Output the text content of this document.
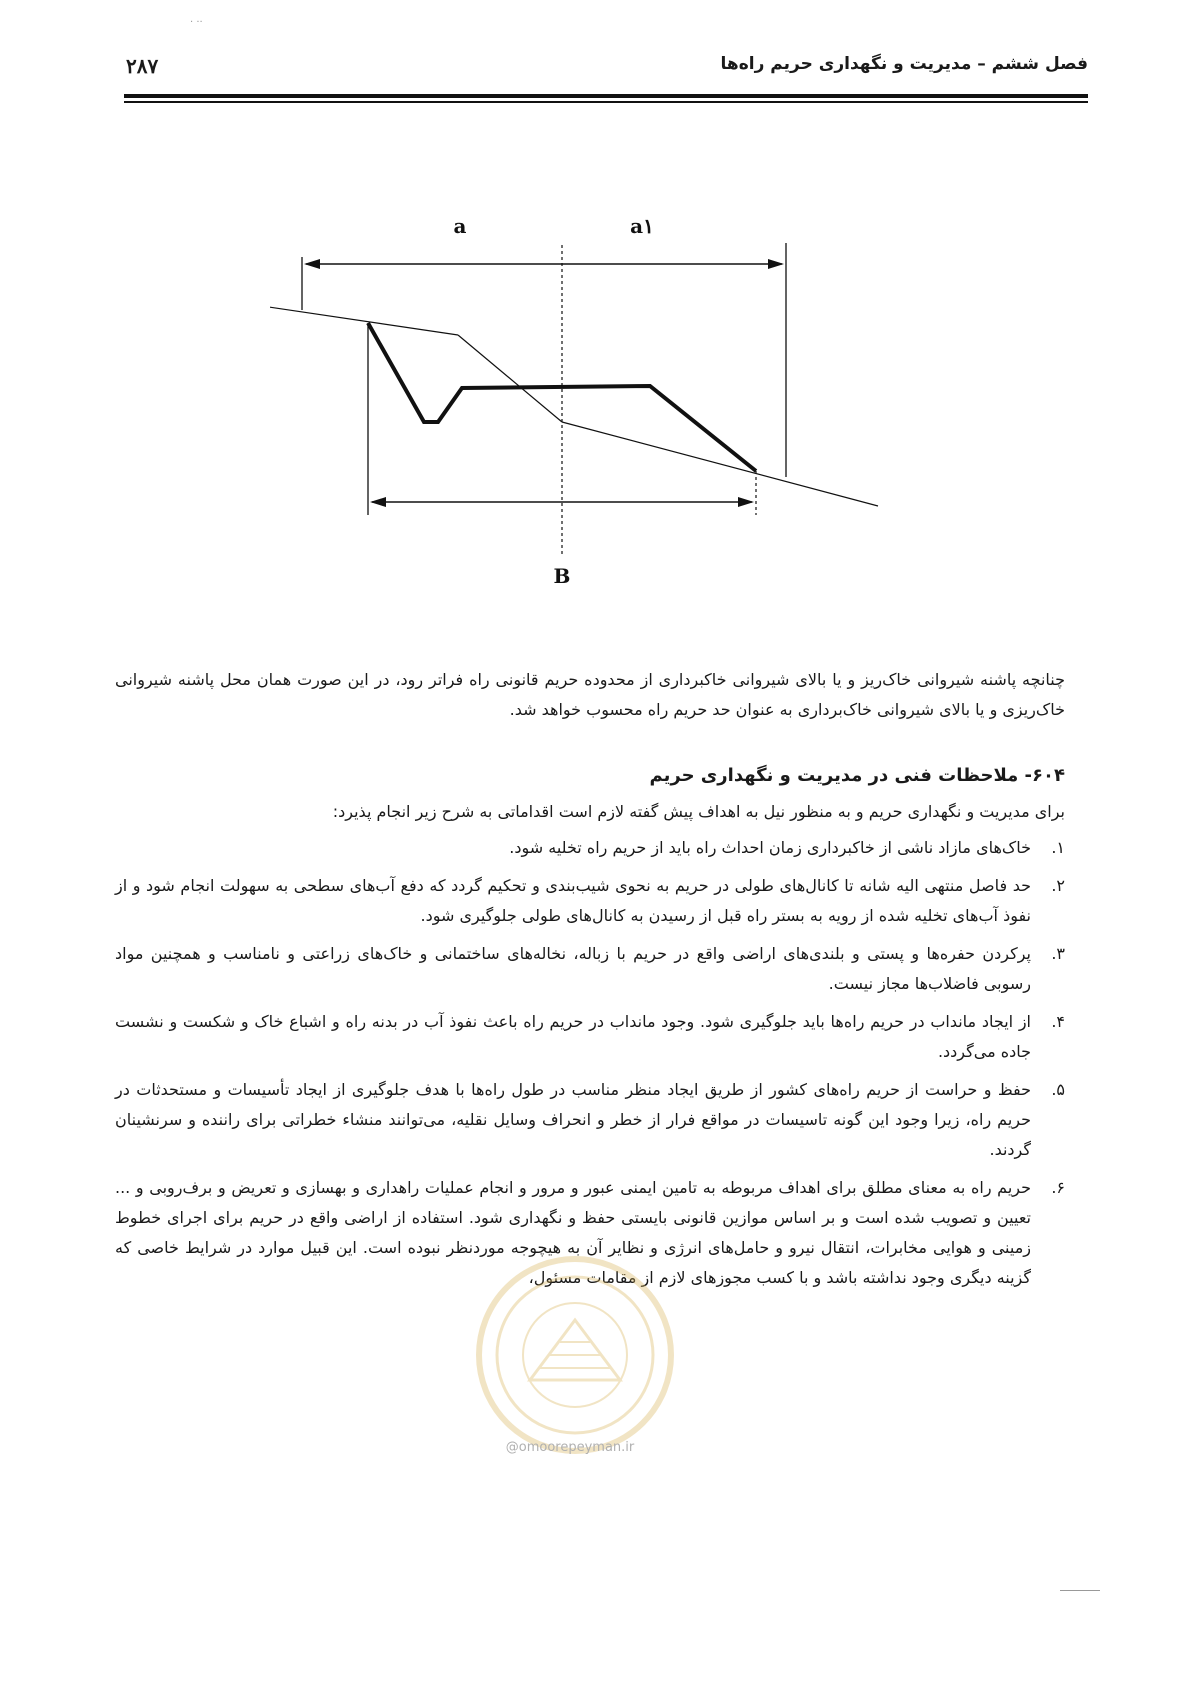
. ..
۲۸۷	فصل ششم – مدیریت و نگهداری حریم راه‌ها
a	a۱
B

چنانچه پاشنه شیروانی خاک‌ریز و یا بالای شیروانی خاکبرداری از محدوده حریم قانونی راه فراتر رود، در این صورت همان محل پاشنه شیروانی خاک‌ریزی و یا بالای شیروانی خاک‌برداری به عنوان حد حریم راه محسوب خواهد شد.

۶۰۴- ملاحظات فنی در مدیریت و نگهداری حریم

برای مدیریت و نگهداری حریم و به منظور نیل به اهداف پیش گفته لازم است اقداماتی به شرح زیر انجام پذیرد:

۱.
خاک‌های مازاد ناشی از خاکبرداری زمان احداث راه باید از حریم راه تخلیه شود.
۲.
حد فاصل منتهی الیه شانه تا کانال‌های طولی در حریم به نحوی شیب‌بندی و تحکیم گردد که دفع آب‌های سطحی به سهولت انجام شود و از نفوذ آب‌های تخلیه شده از رویه به بستر راه قبل از رسیدن به کانال‌های طولی جلوگیری شود.
۳.
پرکردن حفره‌ها و پستی و بلندی‌های اراضی واقع در حریم با زباله، نخاله‌های ساختمانی و خاک‌های زراعتی و نامناسب و همچنین مواد رسوبی فاضلاب‌ها مجاز نیست.
۴.
از ایجاد مانداب در حریم راه‌ها باید جلوگیری شود. وجود مانداب در حریم راه باعث نفوذ آب در بدنه راه و اشباع خاک و شکست و نشست جاده می‌گردد.
۵.
حفظ و حراست از حریم راه‌های کشور از طریق ایجاد منظر مناسب در طول راه‌ها با هدف جلوگیری از ایجاد تأسیسات و مستحدثات در حریم راه، زیرا وجود این گونه تاسیسات در مواقع فرار از خطر و انحراف وسایل نقلیه، می‌توانند منشاء خطراتی برای راننده و سرنشینان گردند.
۶.
حریم راه به معنای مطلق برای اهداف مربوطه به تامین ایمنی عبور و مرور و انجام عملیات راهداری و بهسازی و تعریض و برف‌روبی و ... تعیین و تصویب شده است و بر اساس موازین قانونی بایستی حفظ و نگهداری شود. استفاده از اراضی واقع در حریم برای اجرای خطوط زمینی و هوایی مخابرات، انتقال نیرو و حامل‌های انرژی و نظایر آن به هیچوجه موردنظر نبوده است. این قبیل موارد در شرایط خاصی که گزینه دیگری وجود نداشته باشد و با کسب مجوزهای لازم از مقامات مسئول،
@omoorepeyman.ir
